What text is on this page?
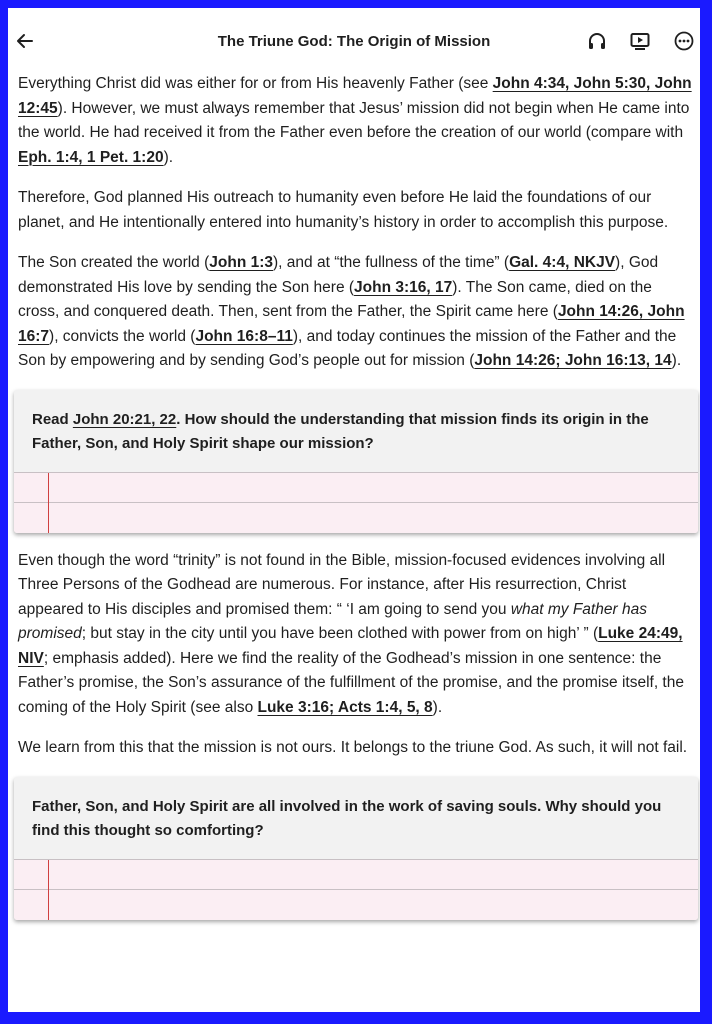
The Triune God: The Origin of Mission

Everything Christ did was either for or from His heavenly Father (see John 4:34, John 5:30, John 12:45). However, we must always remember that Jesus’ mission did not begin when He came into the world. He had received it from the Father even before the creation of our world (compare with Eph. 1:4, 1 Pet. 1:20).

Therefore, God planned His outreach to humanity even before He laid the foundations of our planet, and He intentionally entered into humanity’s history in order to accomplish this purpose.

The Son created the world (John 1:3), and at “the fullness of the time” (Gal. 4:4, NKJV), God demonstrated His love by sending the Son here (John 3:16, 17). The Son came, died on the cross, and conquered death. Then, sent from the Father, the Spirit came here (John 14:26, John 16:7), convicts the world (John 16:8–11), and today continues the mission of the Father and the Son by empowering and by sending God’s people out for mission (John 14:26; John 16:13, 14).

Read John 20:21, 22. How should the understanding that mission finds its origin in the Father, Son, and Holy Spirit shape our mission?

Even though the word “trinity” is not found in the Bible, mission-focused evidences involving all Three Persons of the Godhead are numerous. For instance, after His resurrection, Christ appeared to His disciples and promised them: “ ‘I am going to send you what my Father has promised; but stay in the city until you have been clothed with power from on high’ ” (Luke 24:49, NIV; emphasis added). Here we find the reality of the Godhead’s mission in one sentence: the Father’s promise, the Son’s assurance of the fulfillment of the promise, and the promise itself, the coming of the Holy Spirit (see also Luke 3:16; Acts 1:4, 5, 8).

We learn from this that the mission is not ours. It belongs to the triune God. As such, it will not fail.

Father, Son, and Holy Spirit are all involved in the work of saving souls. Why should you find this thought so comforting?
